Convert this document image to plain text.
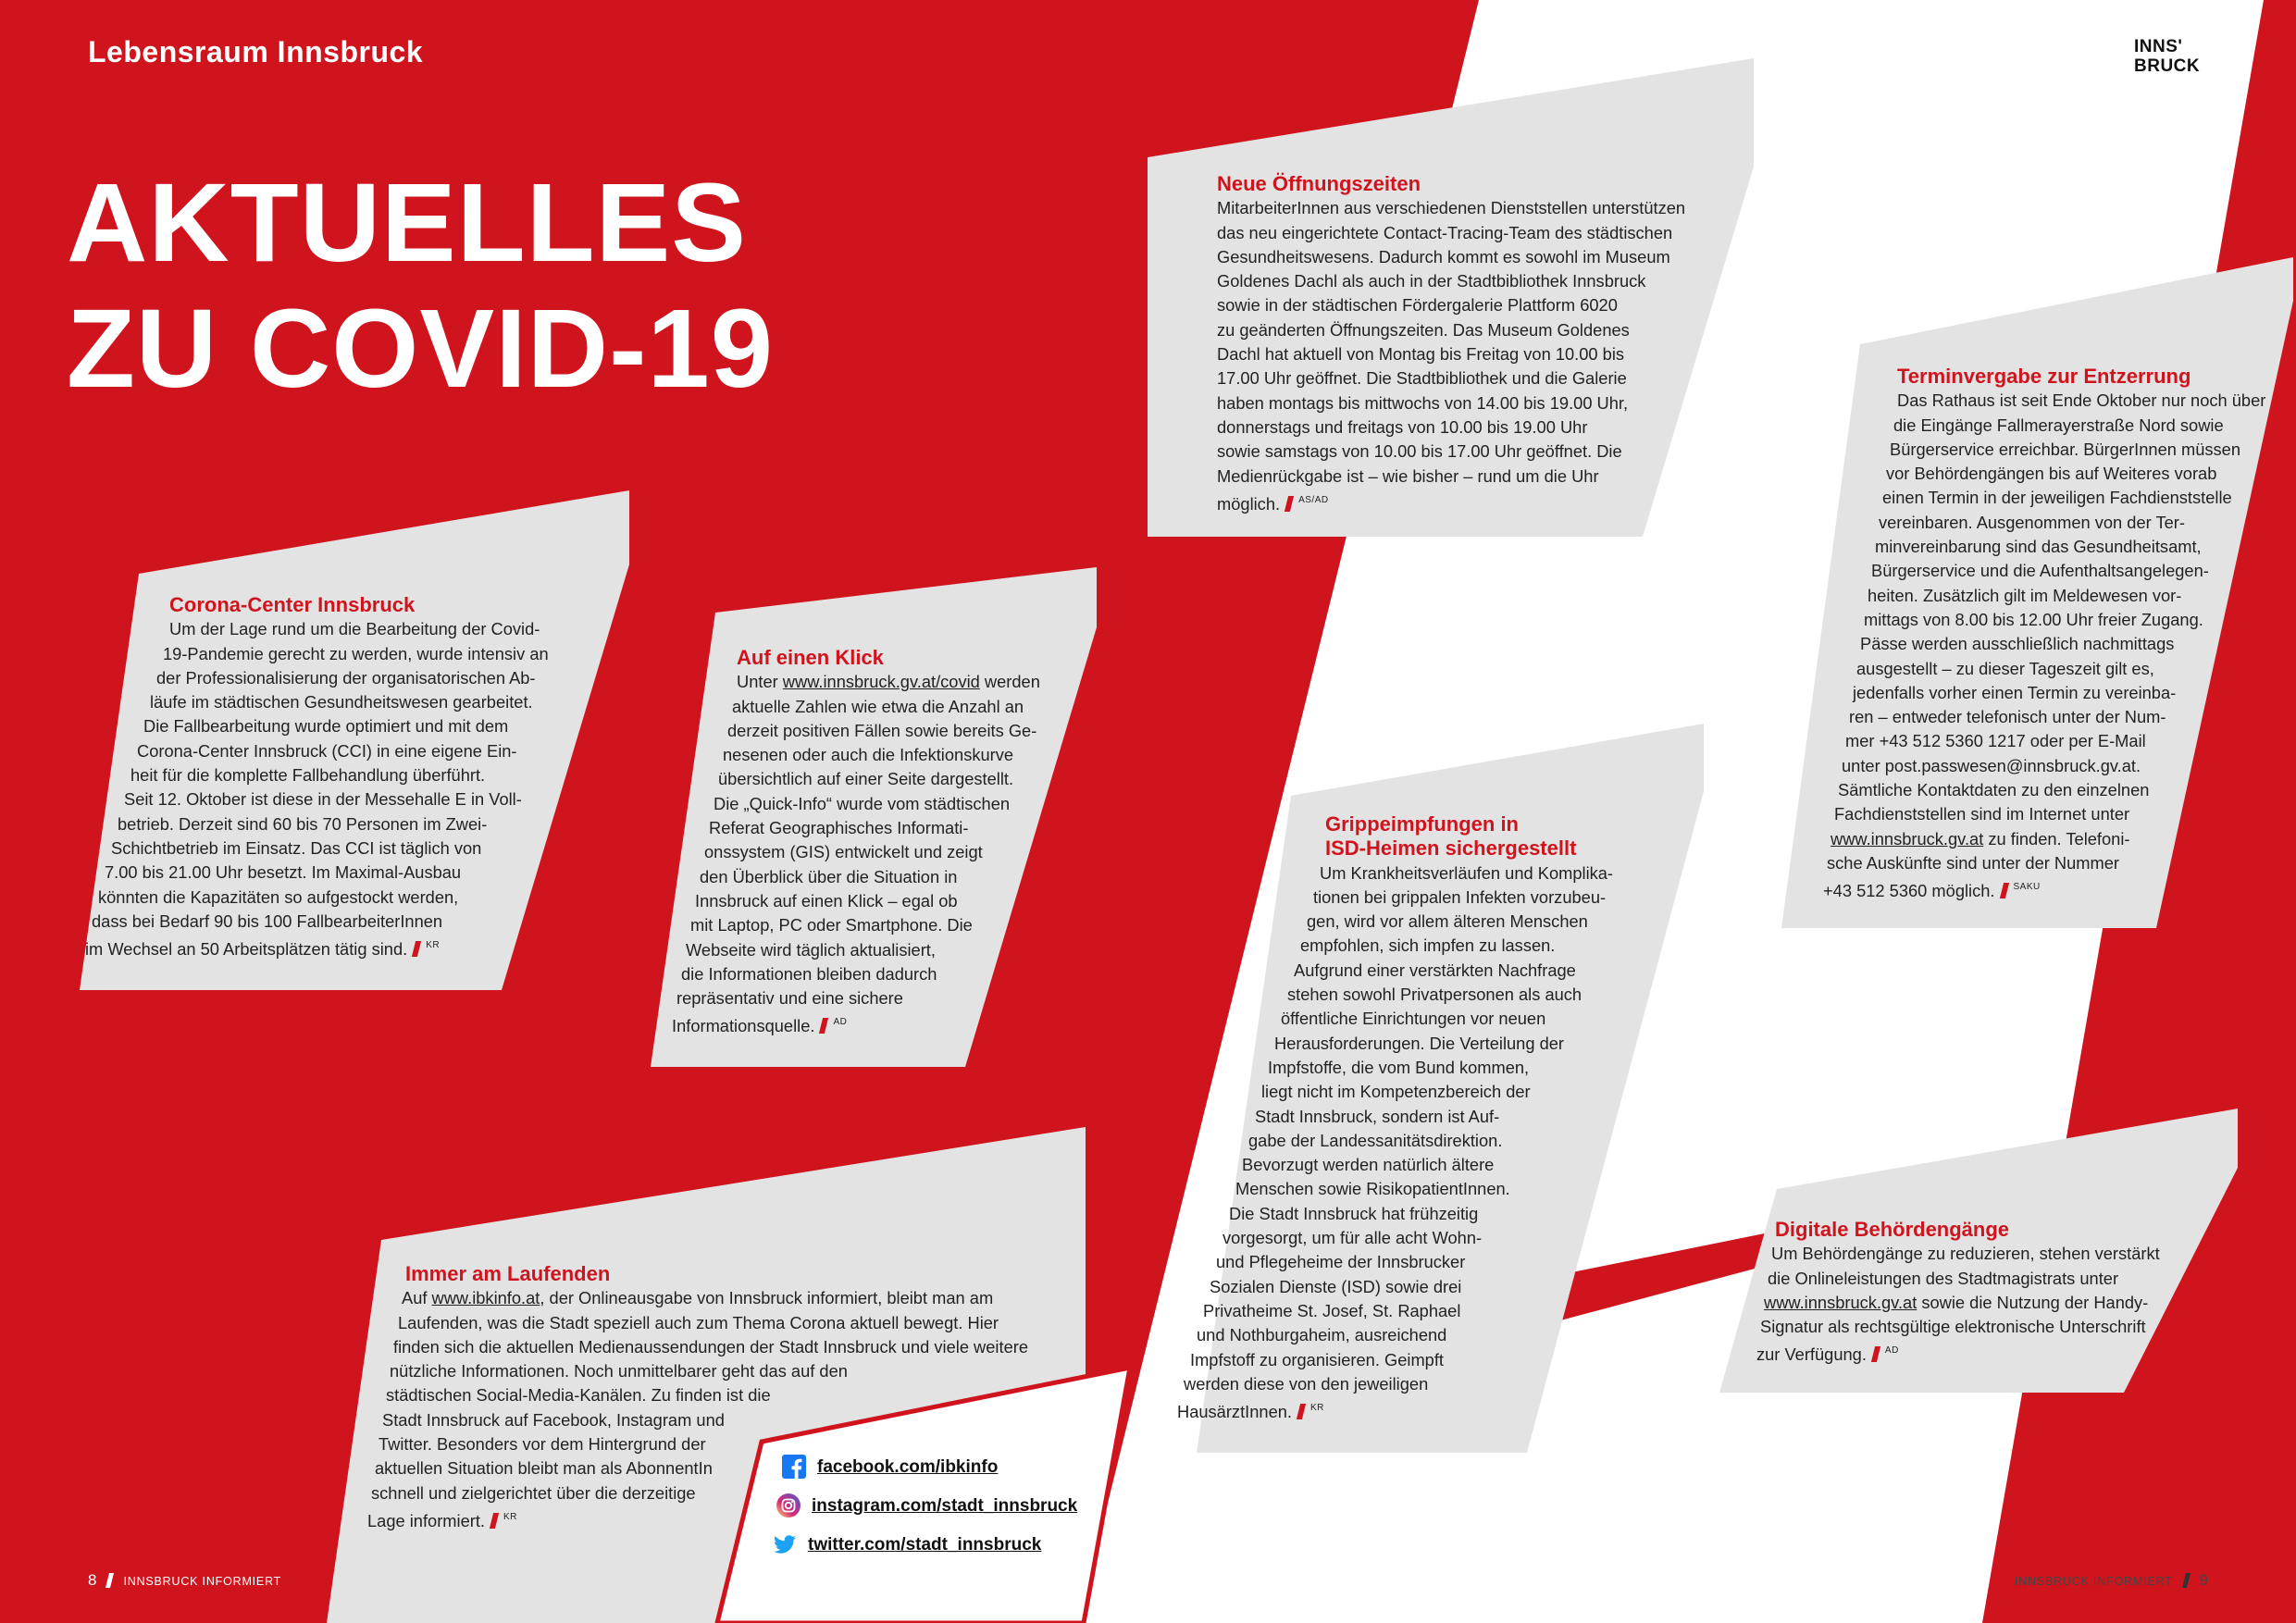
Lebensraum Innsbruck	INNS'
BRUCK
AKTUELLES
ZU COVID-19
Corona-Center Innsbruck

Um der Lage rund um die Bearbeitung der Covid-
19-Pandemie gerecht zu werden, wurde intensiv an
der Professionalisierung der organisatorischen Ab-
läufe im städtischen Gesundheitswesen gearbeitet.
Die Fallbearbeitung wurde optimiert und mit dem
Corona-Center Innsbruck (CCI) in eine eigene Ein-
heit für die komplette Fallbehandlung überführt.
Seit 12. Oktober ist diese in der Messehalle E in Voll-
betrieb. Derzeit sind 60 bis 70 Personen im Zwei-
Schichtbetrieb im Einsatz. Das CCI ist täglich von
7.00 bis 21.00 Uhr besetzt. Im Maximal-Ausbau
könnten die Kapazitäten so aufgestockt werden,
dass bei Bedarf 90 bis 100 FallbearbeiterInnen
im Wechsel an 50 Arbeitsplätzen tätig sind. $^{KR}$

Auf einen Klick

Unter www.innsbruck.gv.at/covid werden
aktuelle Zahlen wie etwa die Anzahl an
derzeit positiven Fällen sowie bereits Ge-
nesenen oder auch die Infektionskurve
übersichtlich auf einer Seite dargestellt.
Die „Quick-Info“ wurde vom städtischen
Referat Geographisches Informati-
onssystem (GIS) entwickelt und zeigt
den Überblick über die Situation in
Innsbruck auf einen Klick – egal ob
mit Laptop, PC oder Smartphone. Die
Webseite wird täglich aktualisiert,
die Informationen bleiben dadurch
repräsentativ und eine sichere
Informationsquelle. $^{AD}$

Neue Öffnungszeiten

MitarbeiterInnen aus verschiedenen Dienststellen unterstützen
das neu eingerichtete Contact-Tracing-Team des städtischen
Gesundheitswesens. Dadurch kommt es sowohl im Museum
Goldenes Dachl als auch in der Stadtbibliothek Innsbruck
sowie in der städtischen Fördergalerie Plattform 6020
zu geänderten Öffnungszeiten. Das Museum Goldenes
Dachl hat aktuell von Montag bis Freitag von 10.00 bis
17.00 Uhr geöffnet. Die Stadtbibliothek und die Galerie
haben montags bis mittwochs von 14.00 bis 19.00 Uhr,
donnerstags und freitags von 10.00 bis 19.00 Uhr
sowie samstags von 10.00 bis 17.00 Uhr geöffnet. Die
Medienrückgabe ist – wie bisher – rund um die Uhr
möglich. $^{AS/AD}$

Terminvergabe zur Entzerrung

Das Rathaus ist seit Ende Oktober nur noch über
die Eingänge Fallmerayerstraße Nord sowie
Bürgerservice erreichbar. BürgerInnen müssen
vor Behördengängen bis auf Weiteres vorab
einen Termin in der jeweiligen Fachdienststelle
vereinbaren. Ausgenommen von der Ter-
minvereinbarung sind das Gesundheitsamt,
Bürgerservice und die Aufenthaltsangelegen-
heiten. Zusätzlich gilt im Meldewesen vor-
mittags von 8.00 bis 12.00 Uhr freier Zugang.
Pässe werden ausschließlich nachmittags
ausgestellt – zu dieser Tageszeit gilt es,
jedenfalls vorher einen Termin zu vereinba-
ren – entweder telefonisch unter der Num-
mer +43 512 5360 1217 oder per E-Mail
unter post.passwesen@innsbruck.gv.at.
Sämtliche Kontaktdaten zu den einzelnen
Fachdienststellen sind im Internet unter
www.innsbruck.gv.at zu finden. Telefoni-
sche Auskünfte sind unter der Nummer
+43 512 5360 möglich. $^{SAKU}$

Grippeimpfungen in
ISD-Heimen sichergestellt

Um Krankheitsverläufen und Komplika-
tionen bei grippalen Infekten vorzubeu-
gen, wird vor allem älteren Menschen
empfohlen, sich impfen zu lassen.
Aufgrund einer verstärkten Nachfrage
stehen sowohl Privatpersonen als auch
öffentliche Einrichtungen vor neuen
Herausforderungen. Die Verteilung der
Impfstoffe, die vom Bund kommen,
liegt nicht im Kompetenzbereich der
Stadt Innsbruck, sondern ist Auf-
gabe der Landessanitätsdirektion.
Bevorzugt werden natürlich ältere
Menschen sowie RisikopatientInnen.
Die Stadt Innsbruck hat frühzeitig
vorgesorgt, um für alle acht Wohn-
und Pflegeheime der Innsbrucker
Sozialen Dienste (ISD) sowie drei
Privatheime St. Josef, St. Raphael
und Nothburgaheim, ausreichend
Impfstoff zu organisieren. Geimpft
werden diese von den jeweiligen
HausärztInnen. $^{KR}$

Immer am Laufenden

Auf www.ibkinfo.at, der Onlineausgabe von Innsbruck informiert, bleibt man am
Laufenden, was die Stadt speziell auch zum Thema Corona aktuell bewegt. Hier
finden sich die aktuellen Medienaussendungen der Stadt Innsbruck und viele weitere
nützliche Informationen. Noch unmittelbarer geht das auf den
städtischen Social-Media-Kanälen. Zu finden ist die
Stadt Innsbruck auf Facebook, Instagram und
Twitter. Besonders vor dem Hintergrund der
aktuellen Situation bleibt man als AbonnentIn
schnell und zielgerichtet über die derzeitige
Lage informiert. $^{KR}$

facebook.com/ibkinfo
instagram.com/stadt_innsbruck
twitter.com/stadt_innsbruck
Digitale Behördengänge

Um Behördengänge zu reduzieren, stehen verstärkt
die Onlineleistungen des Stadtmagistrats unter
www.innsbruck.gv.at sowie die Nutzung der Handy-
Signatur als rechtsgültige elektronische Unterschrift
zur Verfügung. $^{AD}$

8 INNSBRUCK INFORMIERT	INNSBRUCK INFORMIERT 9
